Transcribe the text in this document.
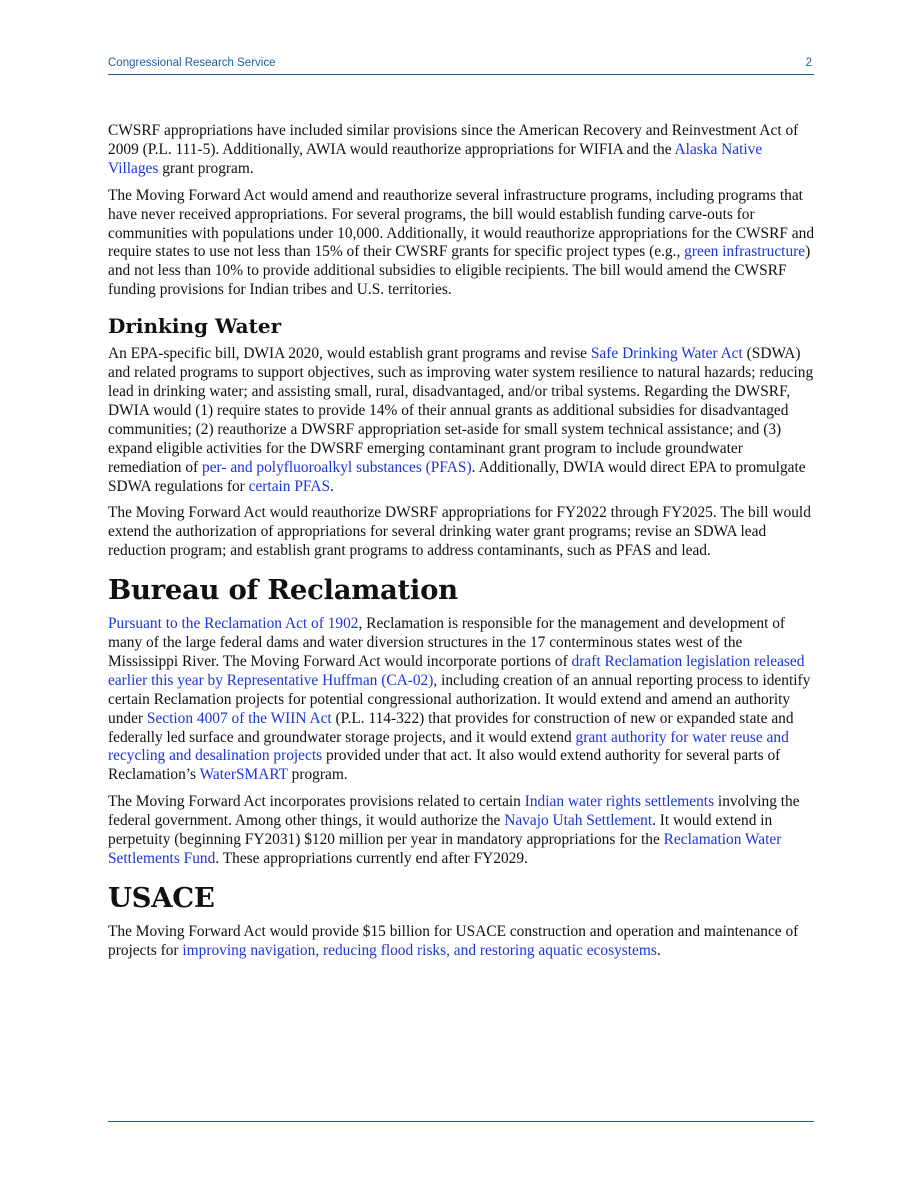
Congressional Research Service	2

CWSRF appropriations have included similar provisions since the American Recovery and Reinvestment Act of 2009 (P.L. 111-5). Additionally, AWIA would reauthorize appropriations for WIFIA and the Alaska Native Villages grant program.

The Moving Forward Act would amend and reauthorize several infrastructure programs, including programs that have never received appropriations. For several programs, the bill would establish funding carve-outs for communities with populations under 10,000. Additionally, it would reauthorize appropriations for the CWSRF and require states to use not less than 15% of their CWSRF grants for specific project types (e.g., green infrastructure) and not less than 10% to provide additional subsidies to eligible recipients. The bill would amend the CWSRF funding provisions for Indian tribes and U.S. territories.

Drinking Water

An EPA-specific bill, DWIA 2020, would establish grant programs and revise Safe Drinking Water Act (SDWA) and related programs to support objectives, such as improving water system resilience to natural hazards; reducing lead in drinking water; and assisting small, rural, disadvantaged, and/or tribal systems. Regarding the DWSRF, DWIA would (1) require states to provide 14% of their annual grants as additional subsidies for disadvantaged communities; (2) reauthorize a DWSRF appropriation set-aside for small system technical assistance; and (3) expand eligible activities for the DWSRF emerging contaminant grant program to include groundwater remediation of per- and polyfluoroalkyl substances (PFAS). Additionally, DWIA would direct EPA to promulgate SDWA regulations for certain PFAS.

The Moving Forward Act would reauthorize DWSRF appropriations for FY2022 through FY2025. The bill would extend the authorization of appropriations for several drinking water grant programs; revise an SDWA lead reduction program; and establish grant programs to address contaminants, such as PFAS and lead.

Bureau of Reclamation

Pursuant to the Reclamation Act of 1902, Reclamation is responsible for the management and development of many of the large federal dams and water diversion structures in the 17 conterminous states west of the Mississippi River. The Moving Forward Act would incorporate portions of draft Reclamation legislation released earlier this year by Representative Huffman (CA-02), including creation of an annual reporting process to identify certain Reclamation projects for potential congressional authorization. It would extend and amend an authority under Section 4007 of the WIIN Act (P.L. 114-322) that provides for construction of new or expanded state and federally led surface and groundwater storage projects, and it would extend grant authority for water reuse and recycling and desalination projects provided under that act. It also would extend authority for several parts of Reclamation’s WaterSMART program.

The Moving Forward Act incorporates provisions related to certain Indian water rights settlements involving the federal government. Among other things, it would authorize the Navajo Utah Settlement. It would extend in perpetuity (beginning FY2031) $120 million per year in mandatory appropriations for the Reclamation Water Settlements Fund. These appropriations currently end after FY2029.

USACE

The Moving Forward Act would provide $15 billion for USACE construction and operation and maintenance of projects for improving navigation, reducing flood risks, and restoring aquatic ecosystems.
